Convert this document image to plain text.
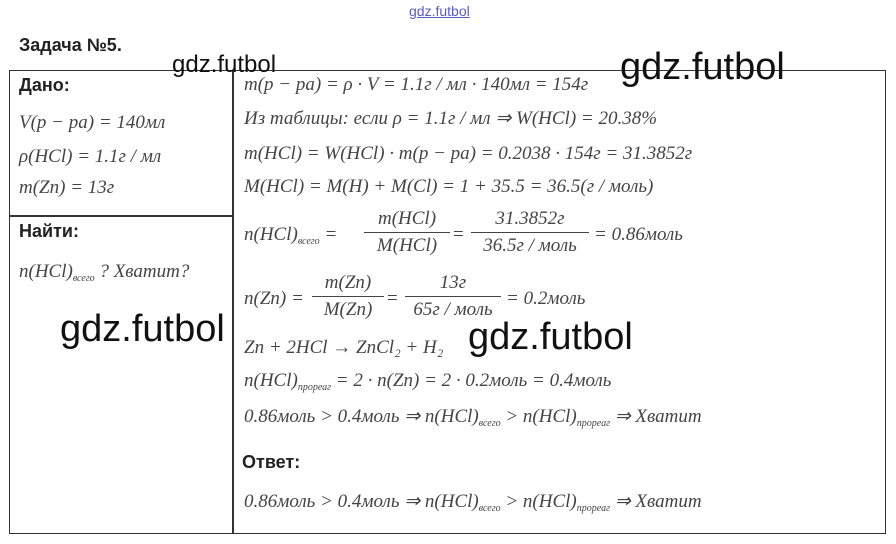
gdz.futbol
Задача №5.
gdz.futbol	gdz.futbol
gdz.futbol	gdz.futbol
Дано:
V(р − ра) = 140мл
ρ(HCl) = 1.1г / мл
m(Zn) = 13г
Найти:
$n(HCl)_{всего}$ ? Хватит?
m(р − ра) = ρ · V = 1.1г / мл · 140мл = 154г
Из таблицы: если ρ = 1.1г / мл ⇒ W(HCl) = 20.38%
m(HCl) = W(HCl) · m(р − ра) = 0.2038 · 154г = 31.3852г
M(HCl) = M(H) + M(Cl) = 1 + 35.5 = 36.5(г / моль)
$n(HCl)_{всего}$ =
m(HCl)
M(HCl)
=
31.3852г
36.5г / моль
= 0.86моль
$n(Zn) = \frac{m(Zn)}{M(Zn)}$ =
13г
65г / моль
= 0.2моль
Zn + 2HCl → ZnCl₂ + H₂
$n(HCl)_{прореаг} = 2 \cdot n(Zn) = 2$ · 0.2моль = 0.4моль
0.86моль > 0.4моль ⇒ $n(HCl)_{всего} > n(HCl)_{прореаг}$ ⇒ Хватит
Ответ:
0.86моль > 0.4моль ⇒ $n(HCl)_{всего} > n(HCl)_{прореаг}$ ⇒ Хватит
